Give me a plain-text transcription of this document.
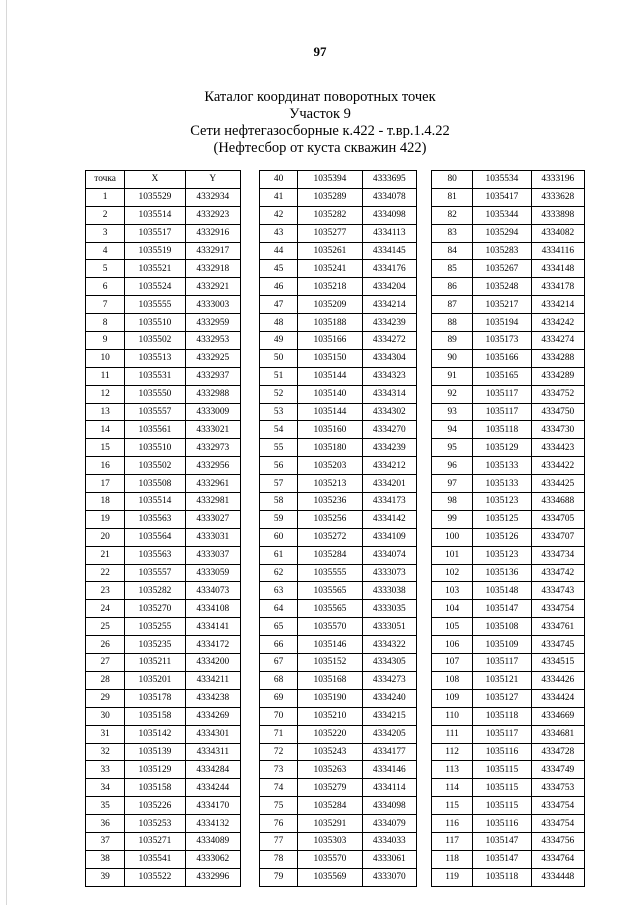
97
Каталог координат поворотных точек
Участок 9
Сети нефтегазосборные к.422 - т.вр.1.4.22
(Нефтесбор от куста скважин 422)
точка	X	Y
1	1035529	4332934
2	1035514	4332923
3	1035517	4332916
4	1035519	4332917
5	1035521	4332918
6	1035524	4332921
7	1035555	4333003
8	1035510	4332959
9	1035502	4332953
10	1035513	4332925
11	1035531	4332937
12	1035550	4332988
13	1035557	4333009
14	1035561	4333021
15	1035510	4332973
16	1035502	4332956
17	1035508	4332961
18	1035514	4332981
19	1035563	4333027
20	1035564	4333031
21	1035563	4333037
22	1035557	4333059
23	1035282	4334073
24	1035270	4334108
25	1035255	4334141
26	1035235	4334172
27	1035211	4334200
28	1035201	4334211
29	1035178	4334238
30	1035158	4334269
31	1035142	4334301
32	1035139	4334311
33	1035129	4334284
34	1035158	4334244
35	1035226	4334170
36	1035253	4334132
37	1035271	4334089
38	1035541	4333062
39	1035522	4332996
40	1035394	4333695
41	1035289	4334078
42	1035282	4334098
43	1035277	4334113
44	1035261	4334145
45	1035241	4334176
46	1035218	4334204
47	1035209	4334214
48	1035188	4334239
49	1035166	4334272
50	1035150	4334304
51	1035144	4334323
52	1035140	4334314
53	1035144	4334302
54	1035160	4334270
55	1035180	4334239
56	1035203	4334212
57	1035213	4334201
58	1035236	4334173
59	1035256	4334142
60	1035272	4334109
61	1035284	4334074
62	1035555	4333073
63	1035565	4333038
64	1035565	4333035
65	1035570	4333051
66	1035146	4334322
67	1035152	4334305
68	1035168	4334273
69	1035190	4334240
70	1035210	4334215
71	1035220	4334205
72	1035243	4334177
73	1035263	4334146
74	1035279	4334114
75	1035284	4334098
76	1035291	4334079
77	1035303	4334033
78	1035570	4333061
79	1035569	4333070
80	1035534	4333196
81	1035417	4333628
82	1035344	4333898
83	1035294	4334082
84	1035283	4334116
85	1035267	4334148
86	1035248	4334178
87	1035217	4334214
88	1035194	4334242
89	1035173	4334274
90	1035166	4334288
91	1035165	4334289
92	1035117	4334752
93	1035117	4334750
94	1035118	4334730
95	1035129	4334423
96	1035133	4334422
97	1035133	4334425
98	1035123	4334688
99	1035125	4334705
100	1035126	4334707
101	1035123	4334734
102	1035136	4334742
103	1035148	4334743
104	1035147	4334754
105	1035108	4334761
106	1035109	4334745
107	1035117	4334515
108	1035121	4334426
109	1035127	4334424
110	1035118	4334669
111	1035117	4334681
112	1035116	4334728
113	1035115	4334749
114	1035115	4334753
115	1035115	4334754
116	1035116	4334754
117	1035147	4334756
118	1035147	4334764
119	1035118	4334448
